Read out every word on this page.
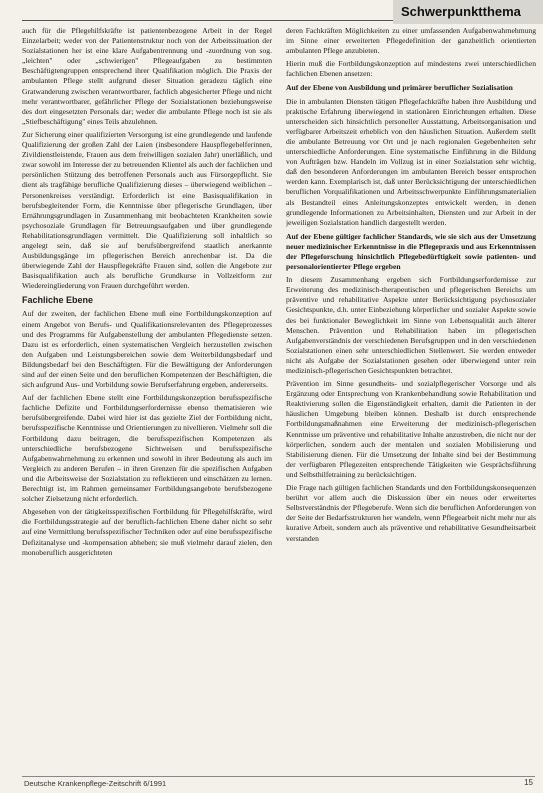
Schwerpunktthema

auch für die Pflegehilfskräfte ist patientenbezogene Arbeit in der Regel Einzelarbeit; weder von der Patientenstruktur noch von der Arbeitssituation der Sozialstationen her ist eine klare Aufgabentrennung und -zuordnung von sog. „leichten" oder „schwierigen" Pflegeaufgaben zu bestimmten Beschäftigtengruppen entsprechend ihrer Qualifikation möglich. Die Praxis der ambulanten Pflege stellt aufgrund dieser Situation geradezu täglich eine Gratwanderung zwischen verantwortbarer, fachlich abgesicherter Pflege und nicht mehr verantwortbarer, gefährlicher Pflege der Sozialstationen beziehungsweise des dort eingesetzten Personals dar; weder die ambulante Pflege noch ist sie als „Stiefbeschäftigung" eines Teils abzulehnen.

Zur Sicherung einer qualifizierten Versorgung ist eine grundlegende und laufende Qualifizierung der großen Zahl der Laien (insbesondere Hauspflegehelferinnen, Zivildienstleistende, Frauen aus dem freiwilligen sozialen Jahr) unerläßlich, und zwar sowohl im Interesse der zu betreuenden Klientel als auch der fachlichen und persönlichen Stützung des betroffenen Personals auch aus Fürsorgepflicht. Sie dient als tragfähige berufliche Qualifizierung dieses – überwiegend weiblichen – Personenkreises verständigt. Erforderlich ist eine Basisqualifikation in berufsbegleitender Form, die Kenntnisse über pflegerische Grundlagen, über Ernährungsgrundlagen in Zusammenhang mit beobachteten Krankheiten sowie psychosoziale Grundlagen für Betreuungsaufgaben und über grundlegende Rehabilitationsgrundlagen vermittelt. Die Qualifizierung soll inhaltlich so angelegt sein, daß sie auf berufsübergreifend staatlich anerkannte Ausbildungsgänge im pflegerischen Bereich anrechenbar ist. Da die überwiegende Zahl der Hauspflegekräfte Frauen sind, sollen die Angebote zur Basisqualifikation auch als berufliche Grundkurse in Vollzeitform zur Wiedereingliederung von Frauen durchgeführt werden.

Fachliche Ebene

Auf der zweiten, der fachlichen Ebene muß eine Fortbildungskonzeption auf einem Angebot von Berufs- und Qualifikationsrelevanten des Pflegeprozesses und des Programms für Aufgabenstellung der ambulanten Pflegedienste setzen. Dazu ist es erforderlich, einen systematischen Vergleich herzustellen zwischen den Aufgaben und Leistungsbereichen sowie dem Weiterbildungsbedarf und Bildungsbedarf bei den Beschäftigten. Für die Bewältigung der Anforderungen sind auf der einen Seite und den beruflichen Kompetenzen der Beschäftigten, die sich aufgrund Aus- und Vorbildung sowie Berufserfahrung ergeben, andererseits.

Auf der fachlichen Ebene stellt eine Fortbildungskonzeption berufsspezifische fachliche Defizite und Fortbildungserfordernisse ebenso thematisieren wie berufsübergreifende. Dabei wird hier ist das gezielte Ziel der Fortbildung nicht, berufsspezifische Kenntnisse und Orientierungen zu nivellieren. Vielmehr soll die Fortbildung dazu beitragen, die berufsspezifischen Kompetenzen als unterschiedliche berufsbezogene Sichtweisen und berufsspezifische Aufgabenwahrnehmung zu erkennen und sowohl in ihrer Bedeutung als auch im Vergleich zu anderen Berufen – in ihren Grenzen für die spezifischen Aufgaben und die Arbeitsweise der Sozialstation zu reflektieren und einschätzen zu lernen. Berechtigt ist, im Rahmen gemeinsamer Fortbildungsangebote berufsbezogene solcher Zielsetzung nicht erforderlich.

Abgesehen von der tätigkeitsspezifischen Fortbildung für Pflegehilfskräfte, wird die Fortbildungsstrategie auf der beruflich-fachlichen Ebene daher nicht so sehr auf eine Vermittlung berufsspezifischer Techniken oder auf eine berufsspezifische Defizitanalyse und -kompensation abheben; sie muß vielmehr darauf zielen, den monoberuflich ausgerichteten

deren Fachkräften Möglichkeiten zu einer umfassenden Aufgabenwahrnehmung im Sinne einer erweiterten Pflegedefinition der ganzheitlich orientierten ambulanten Pflege anzubieten.

Hierin muß die Fortbildungskonzeption auf mindestens zwei unterschiedlichen fachlichen Ebenen ansetzen:

Auf der Ebene von Ausbildung und primärer beruflicher Sozialisation

Die in ambulanten Diensten tätigen Pflegefachkräfte haben ihre Ausbildung und praktische Erfahrung überwiegend in stationären Einrichtungen erhalten. Diese unterscheiden sich hinsichtlich personeller Ausstattung, Arbeitsorganisation und verfügbarer Arbeitszeit erheblich von den häuslichen Situation. Außerdem stellt die ambulante Betreuung vor Ort und je nach regionalen Gegebenheiten sehr unterschiedliche Anforderungen. Eine systematische Einführung in die Bildung von Aufträgen bzw. Handeln im Vollzug ist in einer Sozialstation sehr wichtig, daß den besonderen Anforderungen im ambulanten Bereich besser entsprochen werden kann. Exemplarisch ist, daß unter Berücksichtigung der unterschiedlichen beruflichen Vorqualifikationen und Arbeitsschwerpunkte Einführungsmaterialien als Bestandteil eines Anleitungskonzeptes entwickelt werden, in denen grundlegende Informationen zu Arbeitsinhalten, Diensten und zur Arbeit in der jeweiligen Sozialstation handlich dargestellt werden.

Auf der Ebene gültiger fachlicher Standards, wie sie sich aus der Umsetzung neuer medizinischer Erkenntnisse in die Pflegepraxis und aus Erkenntnissen der Pflegeforschung hinsichtlich Pflegebedürftigkeit sowie patienten- und personalorientierter Pflege ergeben

In diesem Zusammenhang ergeben sich Fortbildungserfordernisse zur Erweiterung des medizinisch-therapeutischen und pflegerischen Bereichs um präventive und rehabilitative Aspekte unter Berücksichtigung psychosozialer Gesichtspunkte, d.h. unter Einbeziehung körperlicher und sozialer Aspekte sowie des bei funktionaler Beweglichkeit im Sinne von Lebensqualität auch älterer Menschen. Prävention und Rehabilitation haben im pflegerischen Aufgabenverständnis der verschiedenen Berufsgruppen und in den verschiedenen Sozialstationen einen sehr unterschiedlichen Stellenwert. Sie werden entweder nicht als Aufgabe der Sozialstationen gesehen oder überwiegend unter rein medizinisch-pflegerischen Gesichtspunkten betrachtet.

Prävention im Sinne gesundheits- und sozialpflegerischer Vorsorge und als Ergänzung oder Entsprechung von Krankenbehandlung sowie Rehabilitation und Reaktivierung sollen die Eigenständigkeit erhalten, damit die Patienten in der häuslichen Umgebung bleiben können. Deshalb ist durch entsprechende Fortbildungsmaßnahmen eine Erweiterung der medizinisch-pflegerischen Kenntnisse um präventive und rehabilitative Inhalte anzustreben, die nicht nur der körperlichen, sondern auch der mentalen und sozialen Mobilisierung und Stabilisierung dienen. Für die Umsetzung der Inhalte sind bei der Bestimmung der verfügbaren Pflegezeiten entsprechende Tätigkeiten wie Gesprächsführung und Selbsthilfetraining zu berücksichtigen.

Die Frage nach gültigen fachlichen Standards und den Fortbildungskonsequenzen berührt vor allem auch die Diskussion über ein neues oder erweitertes Selbstverständnis der Pflegeberufe. Wenn sich die beruflichen Anforderungen von der Seite der Bedarfsstrukturen her wandeln, wenn Pflegearbeit nicht mehr nur als kurative Arbeit, sondern auch als präventive und rehabilitative Gesundheitsarbeit verstanden

Deutsche Krankenpflege-Zeitschrift 6/1991	15
